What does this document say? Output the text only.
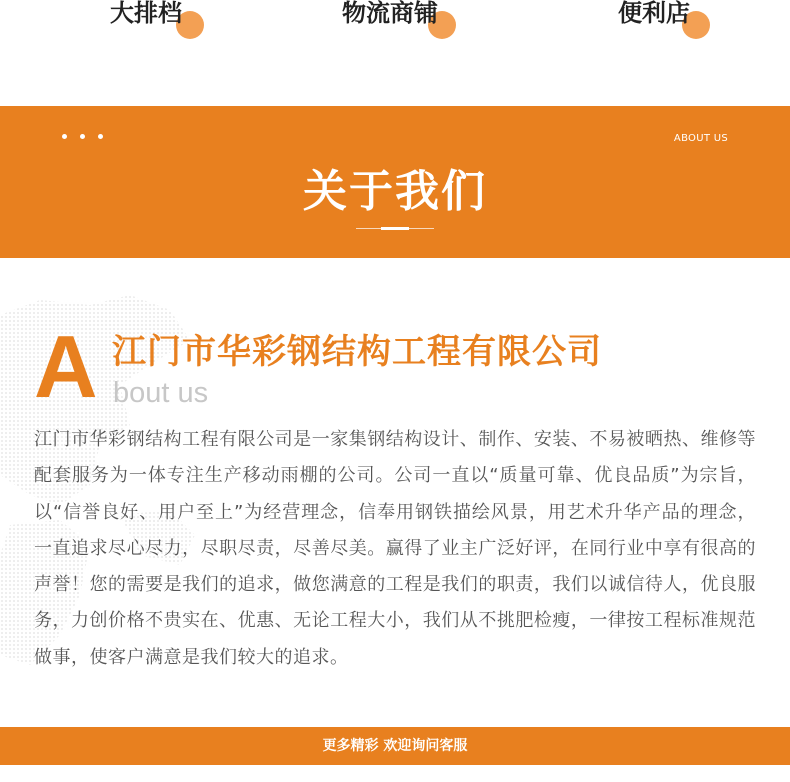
大排档	物流商铺	便利店
ABOUT US
关于我们
A 江门市华彩钢结构工程有限公司
bout us
江门市华彩钢结构工程有限公司是一家集钢结构设计、制作、安装、不易被晒热、维修等配套服务为一体专注生产移动雨棚的公司。公司一直以“质量可靠、优良品质”为宗旨，以“信誉良好、用户至上”为经营理念，信奉用钢铁描绘风景，用艺术升华产品的理念，一直追求尽心尽力，尽职尽责，尽善尽美。赢得了业主广泛好评，在同行业中享有很高的声誉！您的需要是我们的追求，做您满意的工程是我们的职责，我们以诚信待人，优良服务，力创价格不贵实在、优惠、无论工程大小，我们从不挑肥检瘦，一律按工程标准规范做事，使客户满意是我们较大的追求。
更多精彩 欢迎询问客服
